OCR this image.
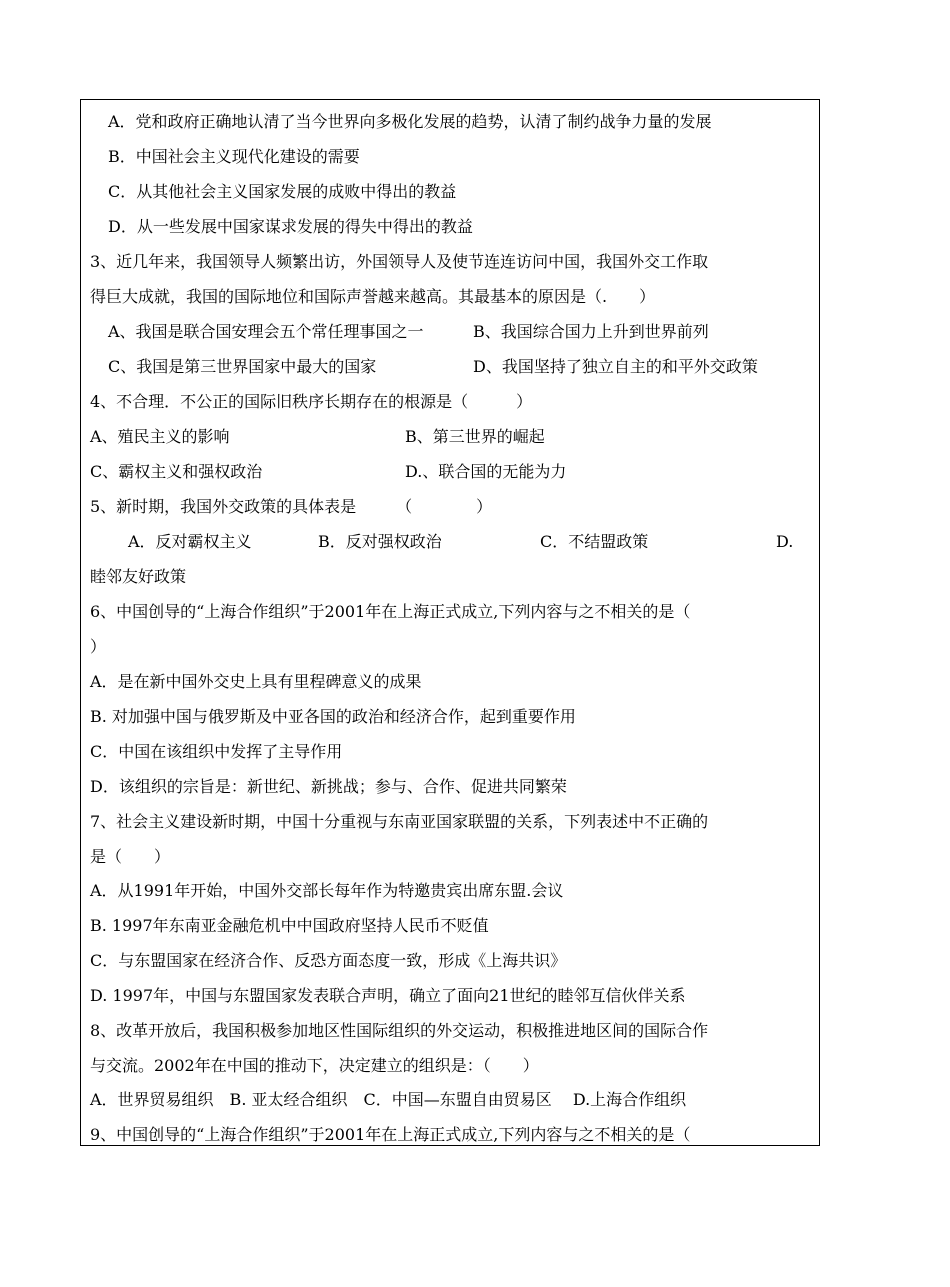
A．党和政府正确地认清了当今世界向多极化发展的趋势，认清了制约战争力量的发展
B．中国社会主义现代化建设的需要
C．从其他社会主义国家发展的成败中得出的教益
D．从一些发展中国家谋求发展的得失中得出的教益
3、近几年来，我国领导人频繁出访，外国领导人及使节连连访问中国，我国外交工作取
得巨大成就，我国的国际地位和国际声誉越来越高。其最基本的原因是（.　　）
A、我国是联合国安理会五个常任理事国之一	B、我国综合国力上升到世界前列
C、我国是第三世界国家中最大的国家	D、我国坚持了独立自主的和平外交政策
4、不合理．不公正的国际旧秩序长期存在的根源是（　　　）
A、殖民主义的影响	B、第三世界的崛起
C、霸权主义和强权政治	D.、联合国的无能为力
5、新时期，我国外交政策的具体表是　　　（　　　　）
A．反对霸权主义	B．反对强权政治	C．不结盟政策	D.
睦邻友好政策
6、中国创导的“上海合作组织”于2001年在上海正式成立,下列内容与之不相关的是（
）
A．是在新中国外交史上具有里程碑意义的成果
B. 对加强中国与俄罗斯及中亚各国的政治和经济合作，起到重要作用
C．中国在该组织中发挥了主导作用
D．该组织的宗旨是：新世纪、新挑战；参与、合作、促进共同繁荣
7、社会主义建设新时期，中国十分重视与东南亚国家联盟的关系，下列表述中不正确的
是（　　）
A．从1991年开始，中国外交部长每年作为特邀贵宾出席东盟.会议
B. 1997年东南亚金融危机中中国政府坚持人民币不贬值
C．与东盟国家在经济合作、反恐方面态度一致，形成《上海共识》
D. 1997年，中国与东盟国家发表联合声明，确立了面向21世纪的睦邻互信伙伴关系
8、改革开放后，我国积极参加地区性国际组织的外交运动，积极推进地区间的国际合作
与交流。2002年在中国的推动下，决定建立的组织是：（　　）
A．世界贸易组织　B. 亚太经合组织　C．中国—东盟自由贸易区　 D.上海合作组织
9、中国创导的“上海合作组织”于2001年在上海正式成立,下列内容与之不相关的是（
